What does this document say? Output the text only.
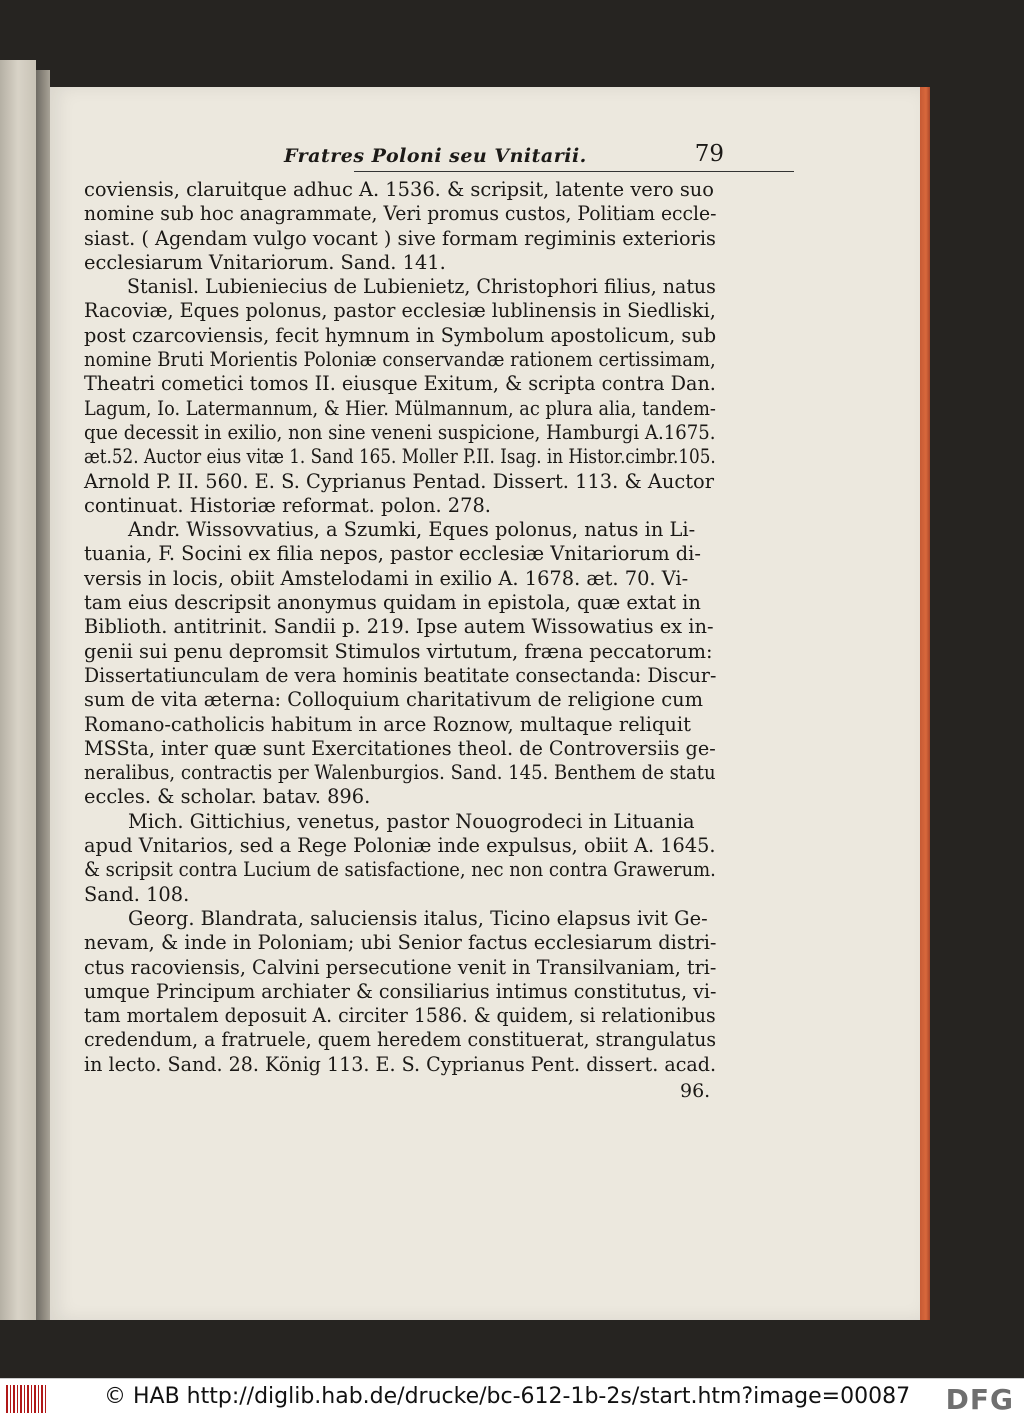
Fratres Poloni seu Vnitarii.	79
coviensis, claruitque adhuc A. 1536. & scripsit, latente vero suo
nomine sub hoc anagrammate, Veri promus custos, Politiam eccle-
siast. ( Agendam vulgo vocant ) sive formam regiminis exterioris
ecclesiarum Vnitariorum. Sand. 141.
Stanisl. Lubieniecius de Lubienietz, Christophori filius, natus
Racoviæ, Eques polonus, pastor ecclesiæ lublinensis in Siedliski,
post czarcoviensis, fecit hymnum in Symbolum apostolicum, sub
nomine Bruti Morientis Poloniæ conservandæ rationem certissimam,
Theatri cometici tomos II. eiusque Exitum, & scripta contra Dan.
Lagum, Io. Latermannum, & Hier. Mülmannum, ac plura alia, tandem-
que decessit in exilio, non sine veneni suspicione, Hamburgi A.1675.
æt.52. Auctor eius vitæ 1. Sand 165. Moller P.II. Isag. in Histor.cimbr.105.
Arnold P. II. 560. E. S. Cyprianus Pentad. Dissert. 113. & Auctor
continuat. Historiæ reformat. polon. 278.
Andr. Wissovvatius, a Szumki, Eques polonus, natus in Li-
tuania, F. Socini ex filia nepos, pastor ecclesiæ Vnitariorum di-
versis in locis, obiit Amstelodami in exilio A. 1678. æt. 70. Vi-
tam eius descripsit anonymus quidam in epistola, quæ extat in
Biblioth. antitrinit. Sandii p. 219. Ipse autem Wissowatius ex in-
genii sui penu depromsit Stimulos virtutum, fræna peccatorum:
Dissertatiunculam de vera hominis beatitate consectanda: Discur-
sum de vita æterna: Colloquium charitativum de religione cum
Romano-catholicis habitum in arce Roznow, multaque reliquit
MSSta, inter quæ sunt Exercitationes theol. de Controversiis ge-
neralibus, contractis per Walenburgios. Sand. 145. Benthem de statu
eccles. & scholar. batav. 896.
Mich. Gittichius, venetus, pastor Nouogrodeci in Lituania
apud Vnitarios, sed a Rege Poloniæ inde expulsus, obiit A. 1645.
& scripsit contra Lucium de satisfactione, nec non contra Grawerum.
Sand. 108.
Georg. Blandrata, saluciensis italus, Ticino elapsus ivit Ge-
nevam, & inde in Poloniam; ubi Senior factus ecclesiarum distri-
ctus racoviensis, Calvini persecutione venit in Transilvaniam, tri-
umque Principum archiater & consiliarius intimus constitutus, vi-
tam mortalem deposuit A. circiter 1586. & quidem, si relationibus
credendum, a fratruele, quem heredem constituerat, strangulatus
in lecto. Sand. 28. König 113. E. S. Cyprianus Pent. dissert. acad.
96.
© HAB http://diglib.hab.de/drucke/bc-612-1b-2s/start.htm?image=00087 DFG
